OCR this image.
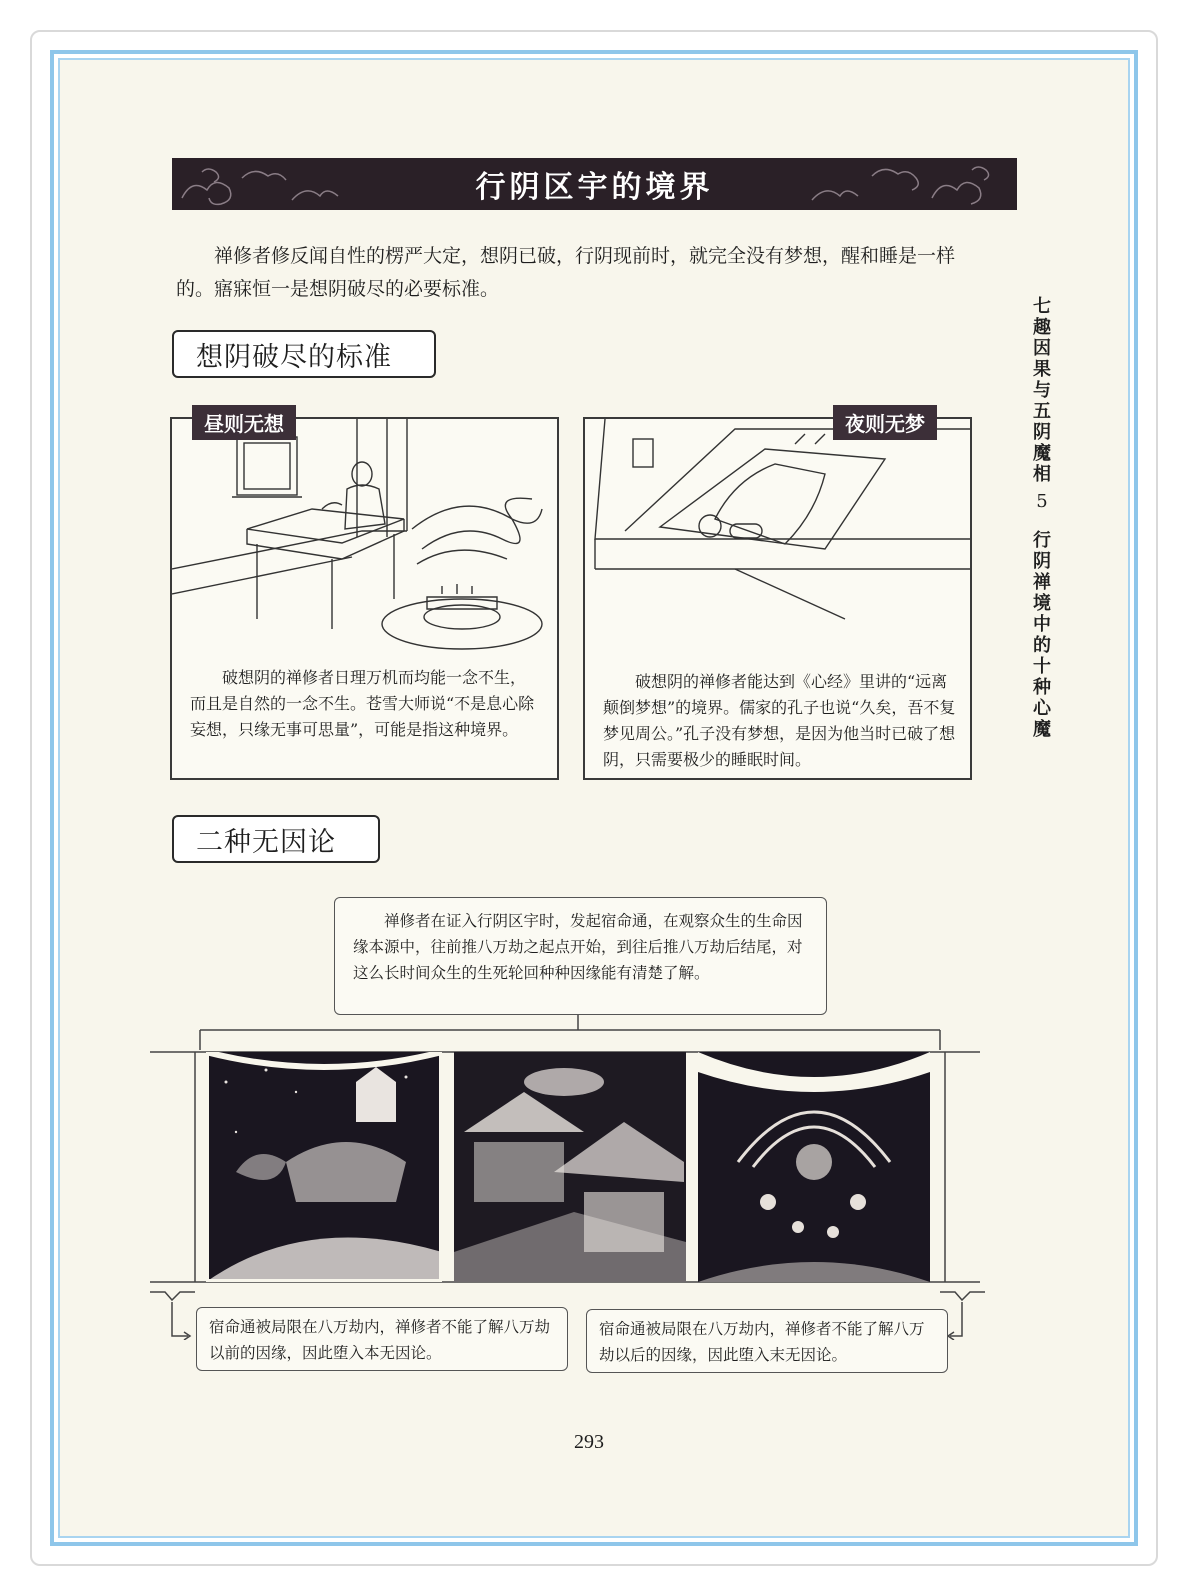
行阴区宇的境界
禅修者修反闻自性的楞严大定，想阴已破，行阴现前时，就完全没有梦想，醒和睡是一样的。寤寐恒一是想阴破尽的必要标准。
想阴破尽的标准
昼则无想
破想阴的禅修者日理万机而均能一念不生，而且是自然的一念不生。苍雪大师说“不是息心除妄想，只缘无事可思量”，可能是指这种境界。
夜则无梦
破想阴的禅修者能达到《心经》里讲的“远离颠倒梦想”的境界。儒家的孔子也说“久矣，吾不复梦见周公。”孔子没有梦想，是因为他当时已破了想阴，只需要极少的睡眠时间。
七
趣
因
果
与
五
阴
魔
相
5
行
阴
禅
境
中
的
十
种
心
魔
二种无因论

禅修者在证入行阴区宇时，发起宿命通，在观察众生的生命因缘本源中，往前推八万劫之起点开始，到往后推八万劫后结尾，对这么长时间众生的生死轮回种种因缘能有清楚了解。

宿命通被局限在八万劫内，禅修者不能了解八万劫以前的因缘，因此堕入本无因论。
宿命通被局限在八万劫内，禅修者不能了解八万劫以后的因缘，因此堕入末无因论。
293
